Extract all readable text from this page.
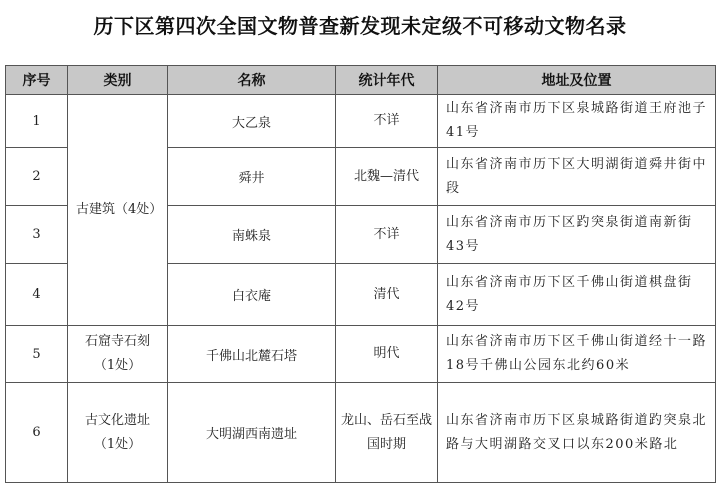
历下区第四次全国文物普查新发现未定级不可移动文物名录
序号	类别	名称	统计年代	地址及位置
1	古建筑（4处）	大乙泉	不详	山东省济南市历下区泉城路街道王府池子41号
2		舜井	北魏—清代	山东省济南市历下区大明湖街道舜井街中段
3		南蛛泉	不详	山东省济南市历下区趵突泉街道南新街43号
4		白衣庵	清代	山东省济南市历下区千佛山街道棋盘街42号
5	石窟寺石刻（1处）	千佛山北麓石塔	明代	山东省济南市历下区千佛山街道经十一路18号千佛山公园东北约60米
6	古文化遗址（1处）	大明湖西南遗址	龙山、岳石至战国时期	山东省济南市历下区泉城路街道趵突泉北路与大明湖路交叉口以东200米路北
